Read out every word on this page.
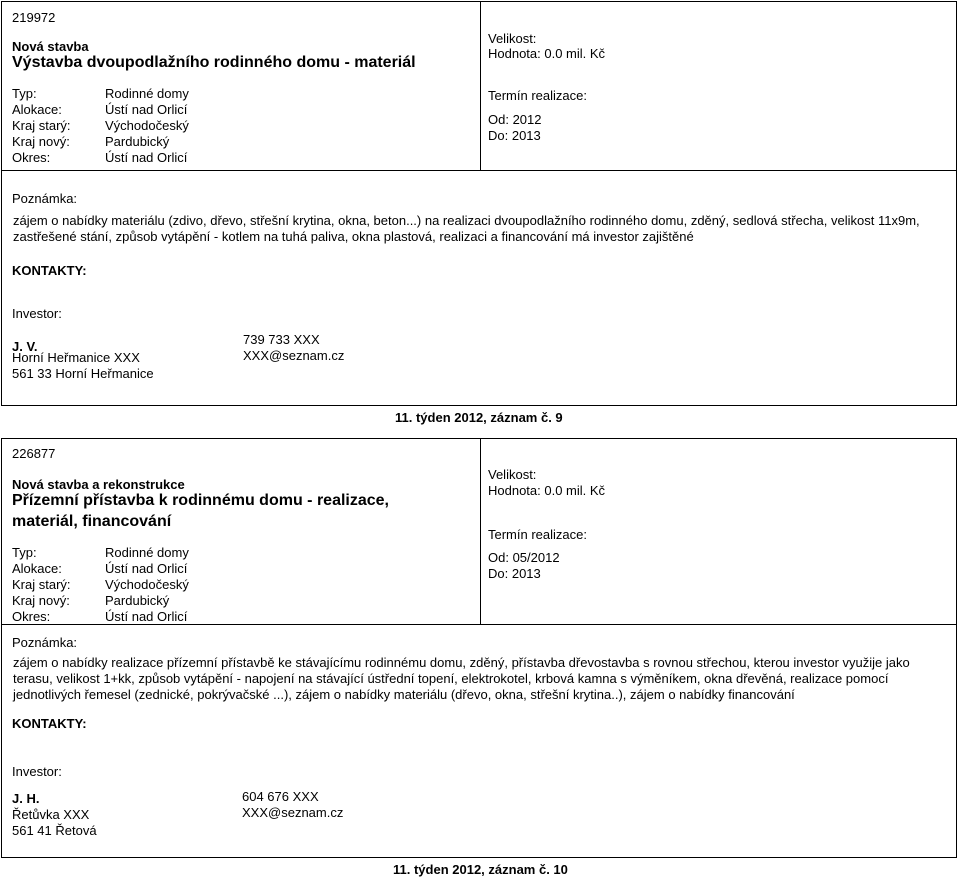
219972
Nová stavba
Výstavba dvoupodlažního rodinného domu - materiál
Typ:	Rodinné domy
Alokace:	Ústí nad Orlicí
Kraj starý:	Východočeský
Kraj nový:	Pardubický
Okres:	Ústí nad Orlicí
Velikost:
Hodnota: 0.0 mil. Kč
Termín realizace:
Od: 2012
Do: 2013
Poznámka:
zájem o nabídky materiálu (zdivo, dřevo, střešní krytina, okna, beton...) na realizaci dvoupodlažního rodinného domu, zděný, sedlová střecha, velikost 11x9m, zastřešené stání, způsob vytápění - kotlem na tuhá paliva, okna plastová, realizaci a financování má investor zajištěné
KONTAKTY:
Investor:
J. V.
Horní Heřmanice XXX
561 33 Horní Heřmanice
739 733 XXX
XXX@seznam.cz
11. týden 2012, záznam č. 9
226877
Nová stavba a rekonstrukce
Přízemní přístavba k rodinnému domu - realizace,
materiál, financování
Typ:	Rodinné domy
Alokace:	Ústí nad Orlicí
Kraj starý:	Východočeský
Kraj nový:	Pardubický
Okres:	Ústí nad Orlicí
Velikost:
Hodnota: 0.0 mil. Kč
Termín realizace:
Od: 05/2012
Do: 2013
Poznámka:
zájem o nabídky realizace přízemní přístavbě ke stávajícímu rodinnému domu, zděný, přístavba dřevostavba s rovnou střechou, kterou investor využije jako terasu, velikost 1+kk, způsob vytápění - napojení na stávající ústřední topení, elektrokotel, krbová kamna s výměníkem, okna dřevěná, realizace pomocí jednotlivých řemesel (zednické, pokrývačské ...), zájem o nabídky materiálu (dřevo, okna, střešní krytina..), zájem o nabídky financování
KONTAKTY:
Investor:
J. H.
Řetůvka XXX
561 41 Řetová
604 676 XXX
XXX@seznam.cz
11. týden 2012, záznam č. 10
